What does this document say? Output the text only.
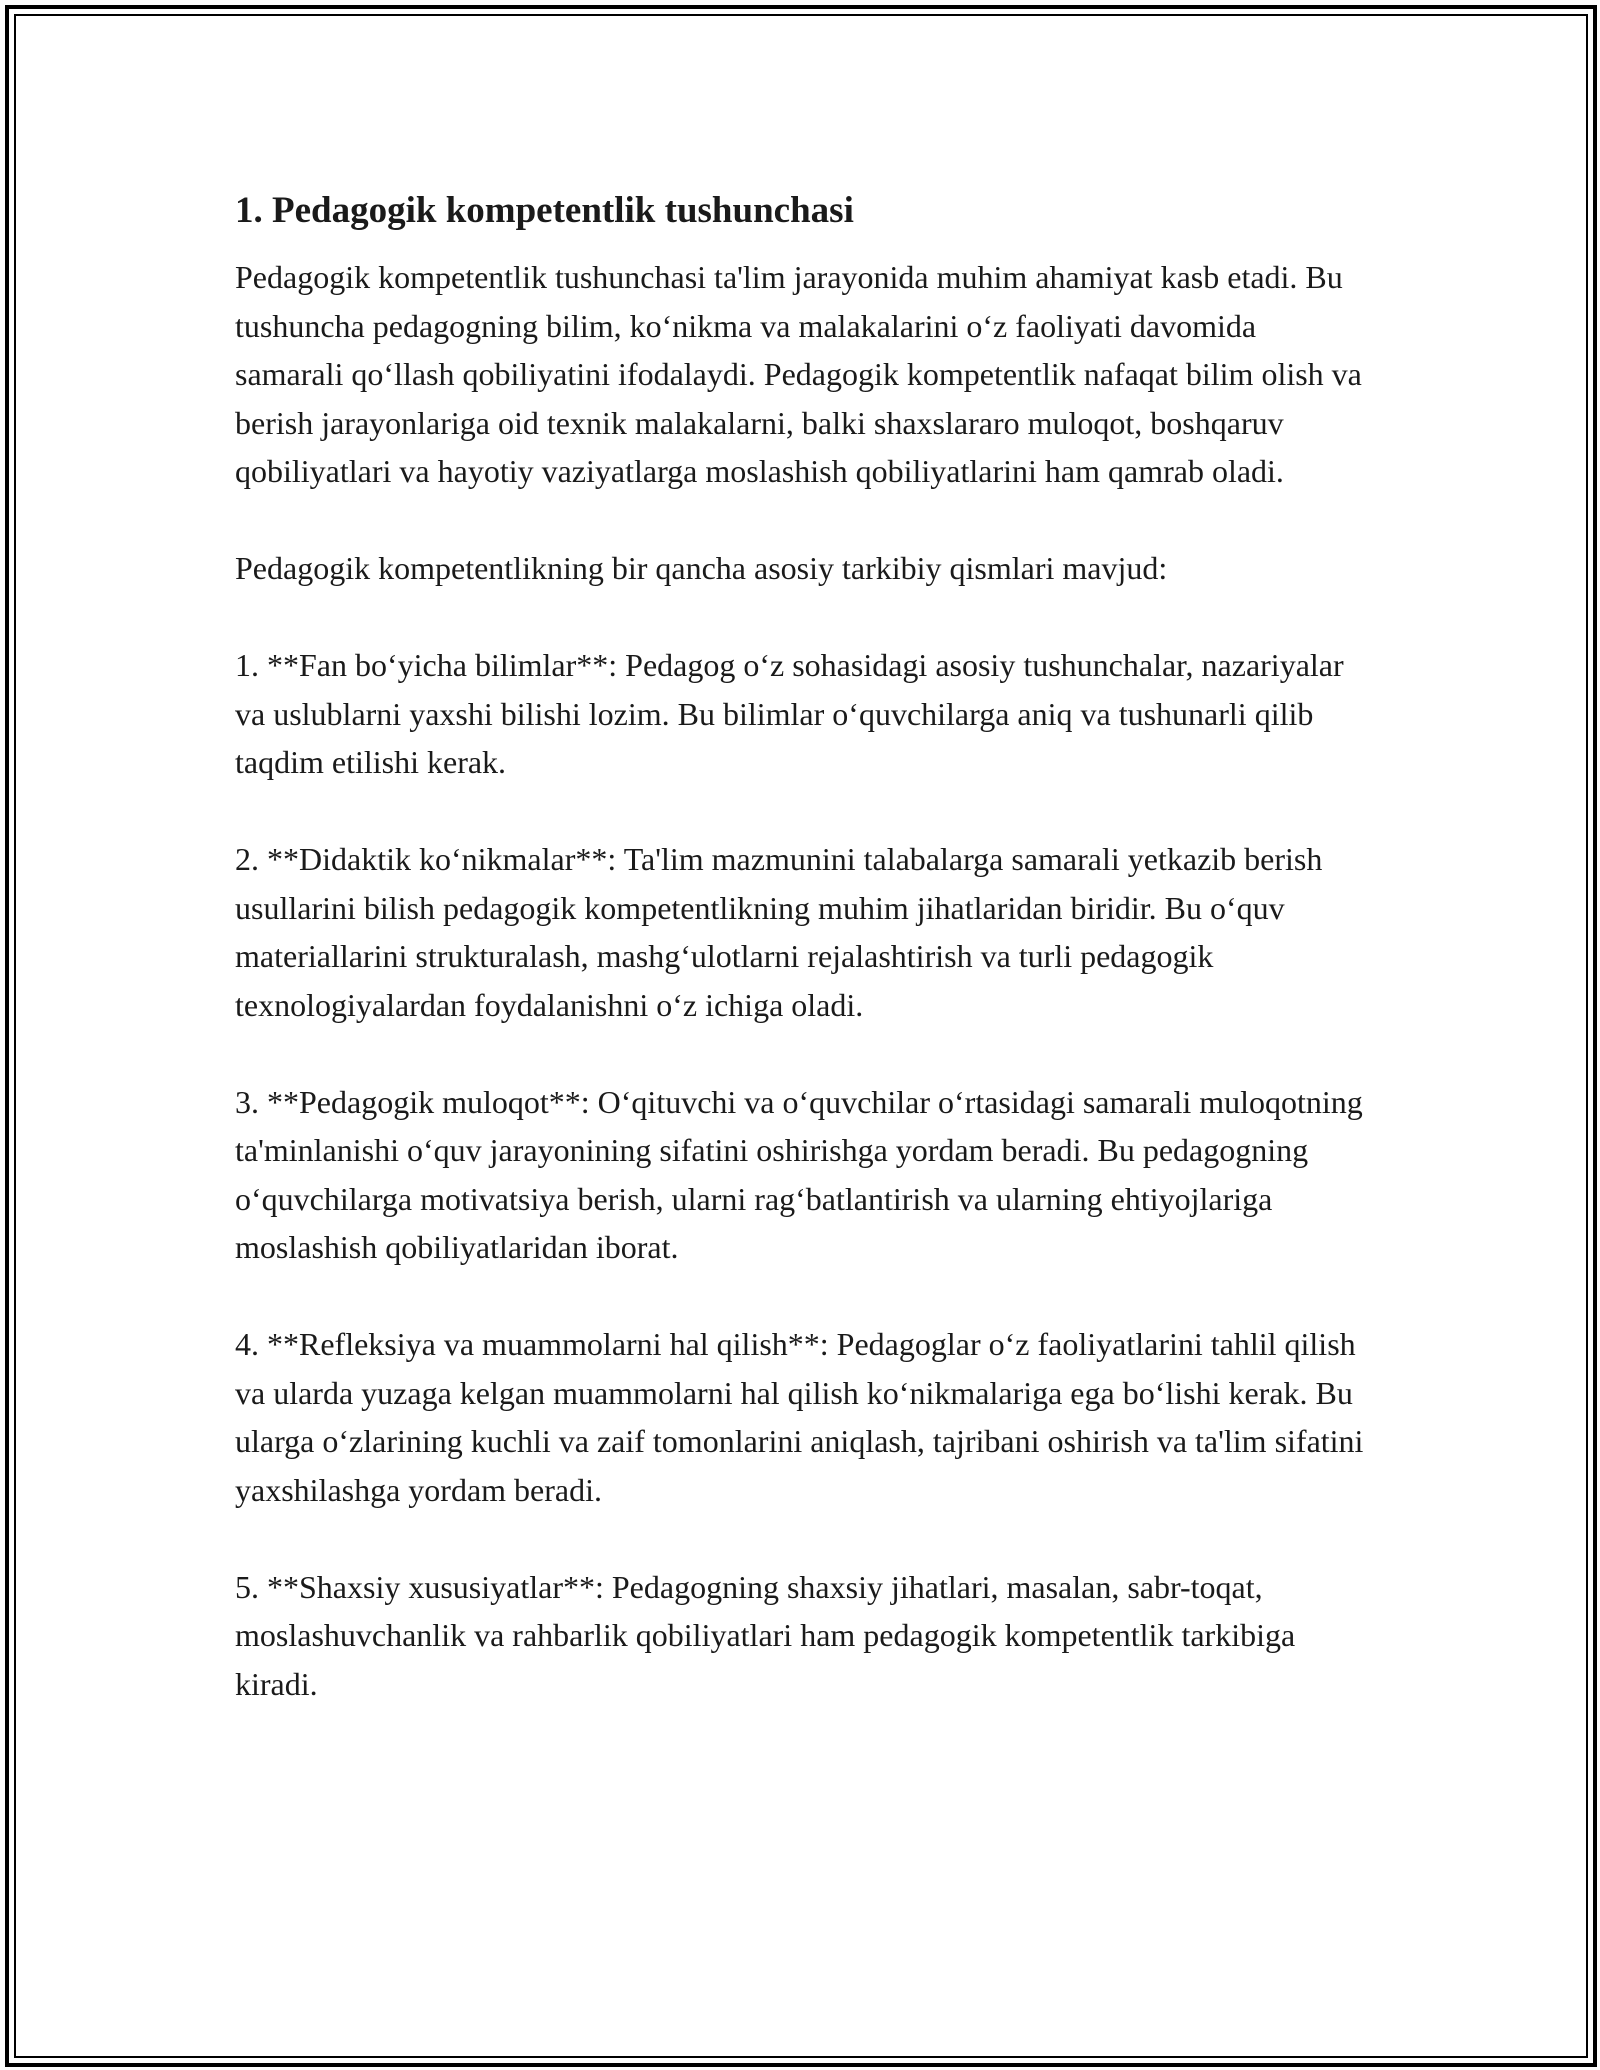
1. Pedagogik kompetentlik tushunchasi

Pedagogik kompetentlik tushunchasi ta'lim jarayonida muhim ahamiyat kasb etadi. Bu tushuncha pedagogning bilim, ko‘nikma va malakalarini o‘z faoliyati davomida samarali qo‘llash qobiliyatini ifodalaydi. Pedagogik kompetentlik nafaqat bilim olish va berish jarayonlariga oid texnik malakalarni, balki shaxslararo muloqot, boshqaruv qobiliyatlari va hayotiy vaziyatlarga moslashish qobiliyatlarini ham qamrab oladi.

Pedagogik kompetentlikning bir qancha asosiy tarkibiy qismlari mavjud:

1. **Fan bo‘yicha bilimlar**: Pedagog o‘z sohasidagi asosiy tushunchalar, nazariyalar va uslublarni yaxshi bilishi lozim. Bu bilimlar o‘quvchilarga aniq va tushunarli qilib taqdim etilishi kerak.

2. **Didaktik ko‘nikmalar**: Ta'lim mazmunini talabalarga samarali yetkazib berish usullarini bilish pedagogik kompetentlikning muhim jihatlaridan biridir. Bu o‘quv materiallarini strukturalash, mashg‘ulotlarni rejalashtirish va turli pedagogik texnologiyalardan foydalanishni o‘z ichiga oladi.

3. **Pedagogik muloqot**: O‘qituvchi va o‘quvchilar o‘rtasidagi samarali muloqotning ta'minlanishi o‘quv jarayonining sifatini oshirishga yordam beradi. Bu pedagogning o‘quvchilarga motivatsiya berish, ularni rag‘batlantirish va ularning ehtiyojlariga moslashish qobiliyatlaridan iborat.

4. **Refleksiya va muammolarni hal qilish**: Pedagoglar o‘z faoliyatlarini tahlil qilish va ularda yuzaga kelgan muammolarni hal qilish ko‘nikmalariga ega bo‘lishi kerak. Bu ularga o‘zlarining kuchli va zaif tomonlarini aniqlash, tajribani oshirish va ta'lim sifatini yaxshilashga yordam beradi.

5. **Shaxsiy xususiyatlar**: Pedagogning shaxsiy jihatlari, masalan, sabr-toqat, moslashuvchanlik va rahbarlik qobiliyatlari ham pedagogik kompetentlik tarkibiga kiradi.
